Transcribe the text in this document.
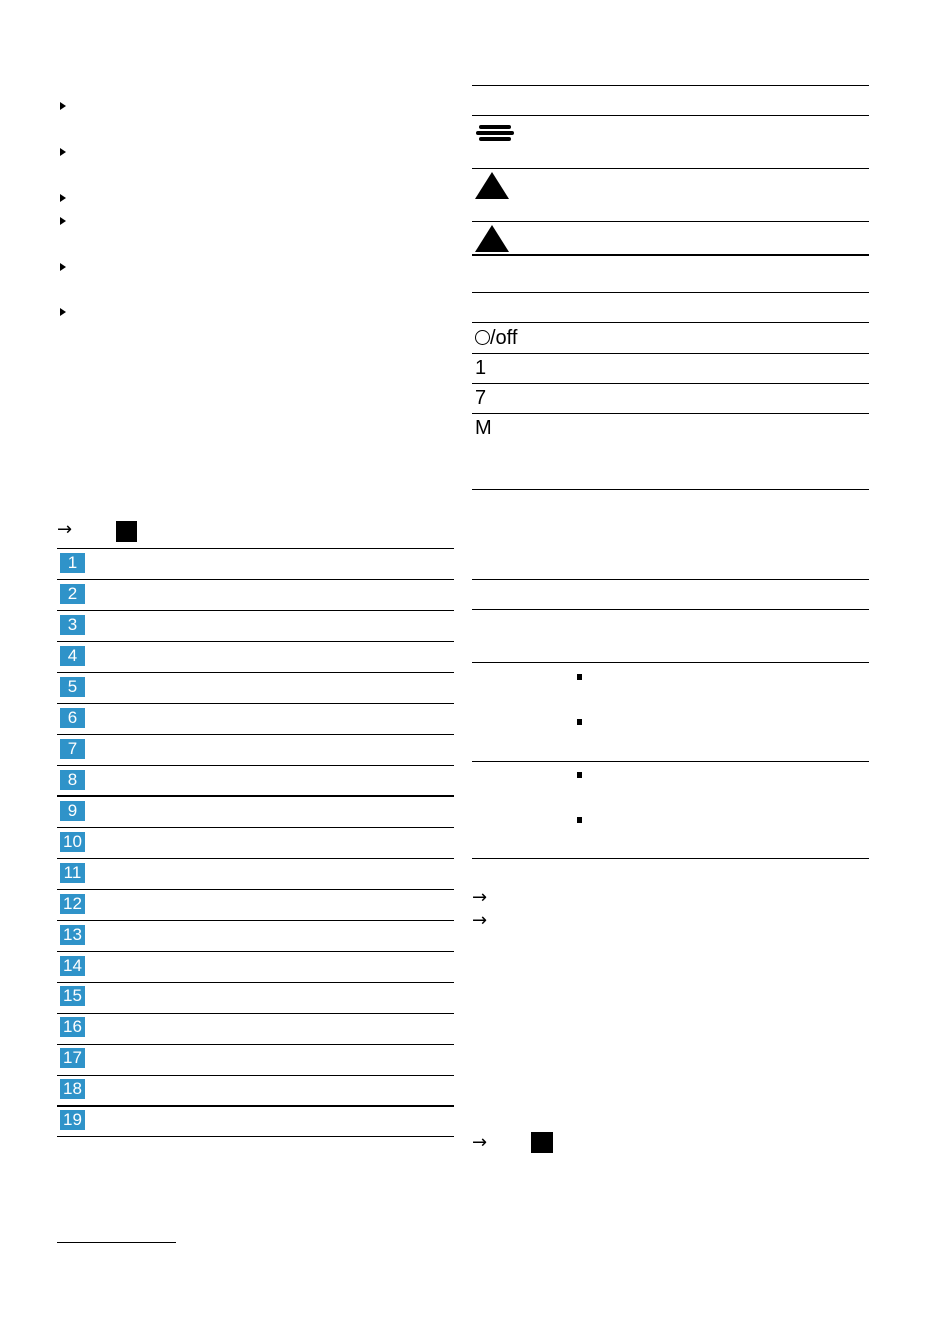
→
1
2
3
4
5
6
7
8
9
10
11
12
13
14
15
16
17
18
19
/off
1
7
M
→
→
→
